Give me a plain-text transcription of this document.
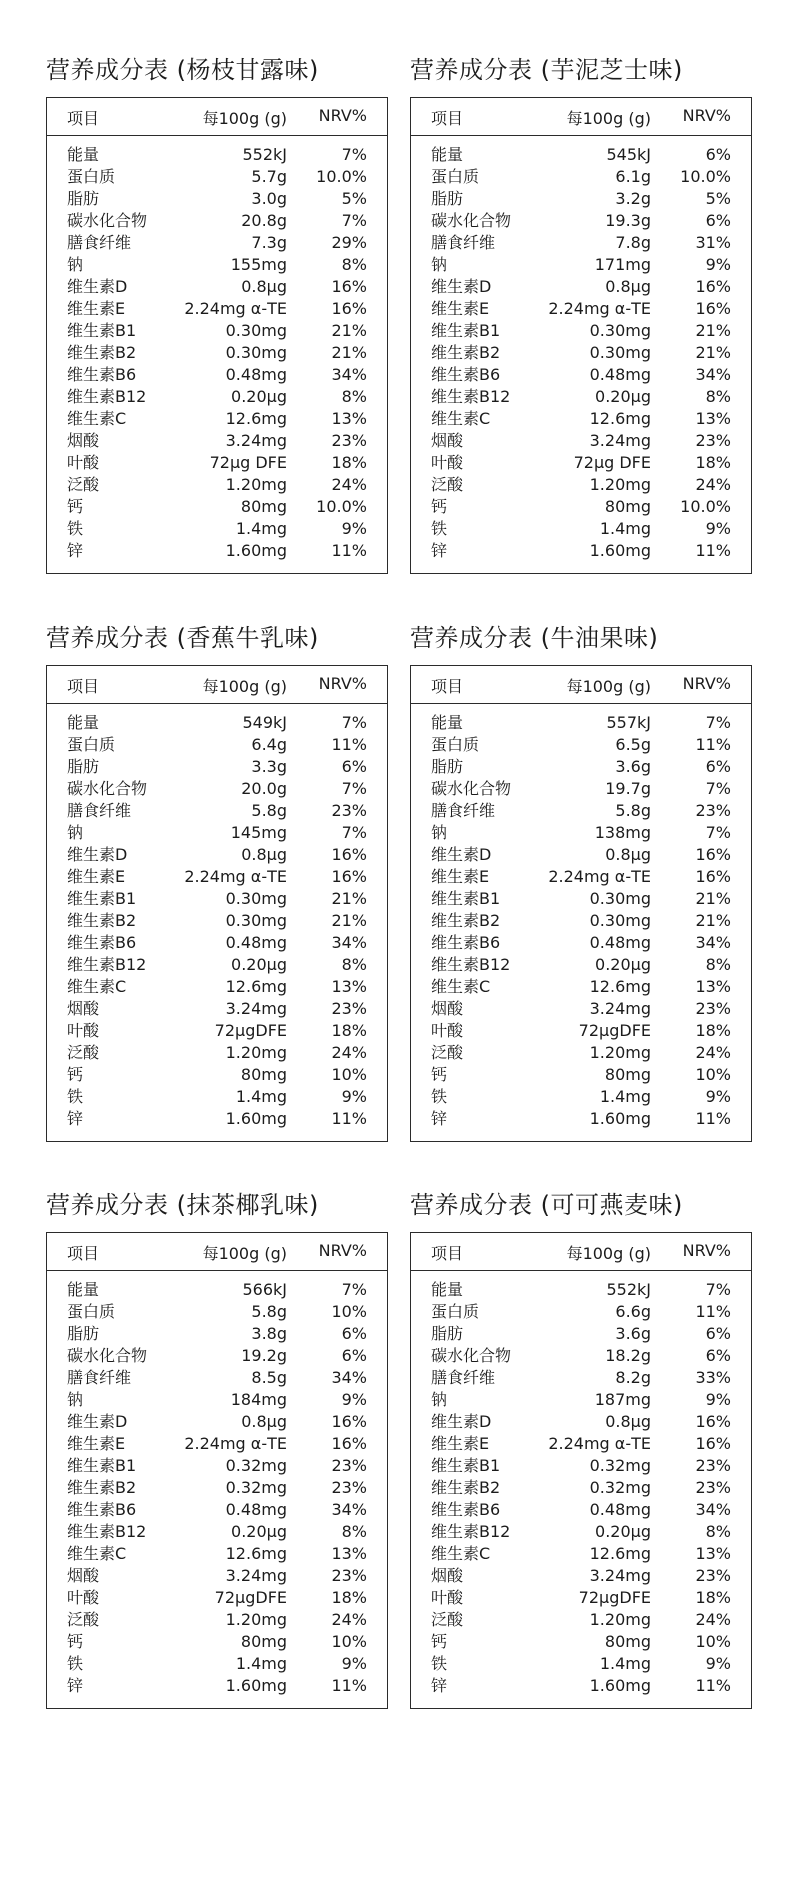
营养成分表 (杨枝甘露味)
项目	每100g (g) NRV%
能量	552kJ	7%
蛋白质	5.7g 10.0%
脂肪	3.0g	5%
碳水化合物	20.8g	7%
膳食纤维	7.3g	29%
钠	155mg	8%
维生素D	0.8μg	16%
维生素E	2.24mg α-TE	16%
维生素B1	0.30mg	21%
维生素B2	0.30mg	21%
维生素B6	0.48mg	34%
维生素B12	0.20μg	8%
维生素C	12.6mg	13%
烟酸	3.24mg	23%
叶酸	72μg DFE	18%
泛酸	1.20mg	24%
钙	80mg 10.0%
铁	1.4mg	9%
锌	1.60mg	11%
营养成分表 (芋泥芝士味)
项目	每100g (g) NRV%
能量	545kJ	6%
蛋白质	6.1g 10.0%
脂肪	3.2g	5%
碳水化合物	19.3g	6%
膳食纤维	7.8g	31%
钠	171mg	9%
维生素D	0.8μg	16%
维生素E	2.24mg α-TE	16%
维生素B1	0.30mg	21%
维生素B2	0.30mg	21%
维生素B6	0.48mg	34%
维生素B12	0.20μg	8%
维生素C	12.6mg	13%
烟酸	3.24mg	23%
叶酸	72μg DFE	18%
泛酸	1.20mg	24%
钙	80mg 10.0%
铁	1.4mg	9%
锌	1.60mg	11%
营养成分表 (香蕉牛乳味)
项目	每100g (g) NRV%
能量	549kJ	7%
蛋白质	6.4g	11%
脂肪	3.3g	6%
碳水化合物	20.0g	7%
膳食纤维	5.8g	23%
钠	145mg	7%
维生素D	0.8μg	16%
维生素E	2.24mg α-TE	16%
维生素B1	0.30mg	21%
维生素B2	0.30mg	21%
维生素B6	0.48mg	34%
维生素B12	0.20μg	8%
维生素C	12.6mg	13%
烟酸	3.24mg	23%
叶酸	72μgDFE	18%
泛酸	1.20mg	24%
钙	80mg	10%
铁	1.4mg	9%
锌	1.60mg	11%
营养成分表 (牛油果味)
项目	每100g (g) NRV%
能量	557kJ	7%
蛋白质	6.5g	11%
脂肪	3.6g	6%
碳水化合物	19.7g	7%
膳食纤维	5.8g	23%
钠	138mg	7%
维生素D	0.8μg	16%
维生素E	2.24mg α-TE	16%
维生素B1	0.30mg	21%
维生素B2	0.30mg	21%
维生素B6	0.48mg	34%
维生素B12	0.20μg	8%
维生素C	12.6mg	13%
烟酸	3.24mg	23%
叶酸	72μgDFE	18%
泛酸	1.20mg	24%
钙	80mg	10%
铁	1.4mg	9%
锌	1.60mg	11%
营养成分表 (抹茶椰乳味)
项目	每100g (g) NRV%
能量	566kJ	7%
蛋白质	5.8g	10%
脂肪	3.8g	6%
碳水化合物	19.2g	6%
膳食纤维	8.5g	34%
钠	184mg	9%
维生素D	0.8μg	16%
维生素E	2.24mg α-TE	16%
维生素B1	0.32mg	23%
维生素B2	0.32mg	23%
维生素B6	0.48mg	34%
维生素B12	0.20μg	8%
维生素C	12.6mg	13%
烟酸	3.24mg	23%
叶酸	72μgDFE	18%
泛酸	1.20mg	24%
钙	80mg	10%
铁	1.4mg	9%
锌	1.60mg	11%
营养成分表 (可可燕麦味)
项目	每100g (g) NRV%
能量	552kJ	7%
蛋白质	6.6g	11%
脂肪	3.6g	6%
碳水化合物	18.2g	6%
膳食纤维	8.2g	33%
钠	187mg	9%
维生素D	0.8μg	16%
维生素E	2.24mg α-TE	16%
维生素B1	0.32mg	23%
维生素B2	0.32mg	23%
维生素B6	0.48mg	34%
维生素B12	0.20μg	8%
维生素C	12.6mg	13%
烟酸	3.24mg	23%
叶酸	72μgDFE	18%
泛酸	1.20mg	24%
钙	80mg	10%
铁	1.4mg	9%
锌	1.60mg	11%
